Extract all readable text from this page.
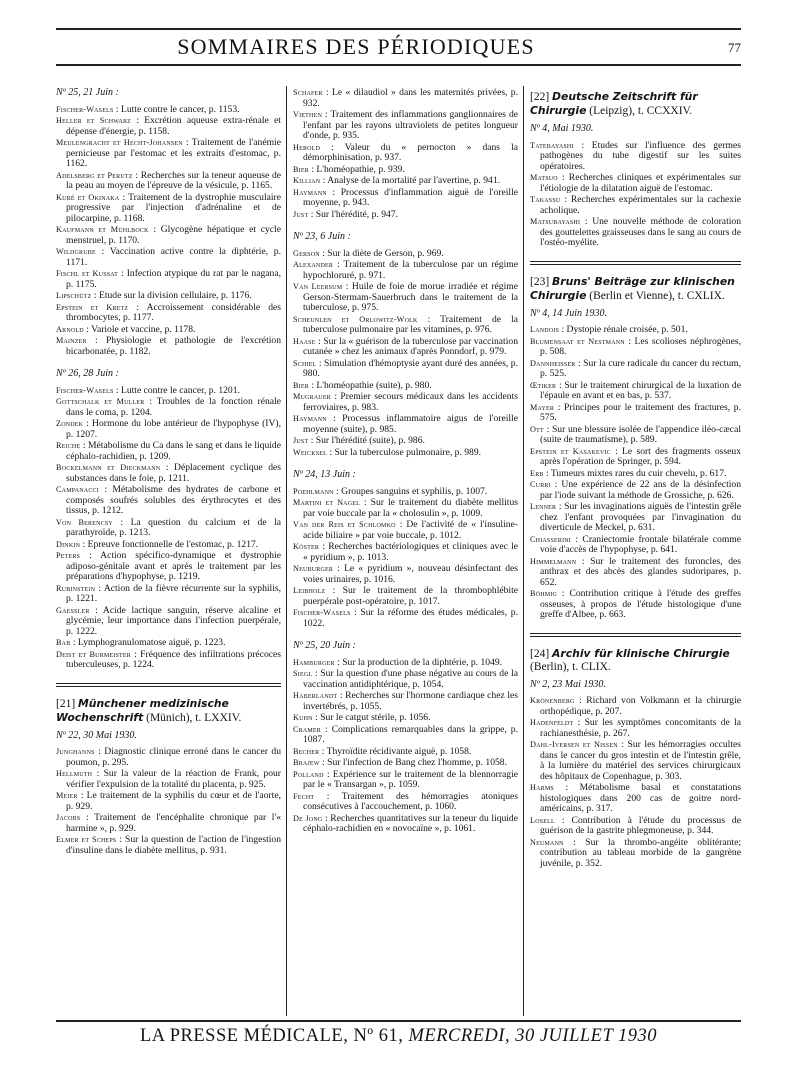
SOMMAIRES DES PÉRIODIQUES	77
Nº 25, 21 Juin :
Fischer-Wasels : Lutte contre le cancer, p. 1153.
Heller et Schwarz : Excrétion aqueuse extra-rénale et dépense d'énergie, p. 1158.
Meulengracht et Hecht-Johansen : Traitement de l'anémie pernicieuse par l'estomac et les extraits d'estomac, p. 1162.
Adelsberg et Perutz : Recherches sur la teneur aqueuse de la peau au moyen de l'épreuve de la vésicule, p. 1165.
Kuré et Okinaka : Traitement de la dystrophie musculaire progressive par l'injection d'adrénaline et de pilocarpine, p. 1168.
Kaufmann et Mühlbock : Glycogène hépatique et cycle menstruel, p. 1170.
Wildgrube : Vaccination active contre la diphtérie, p. 1171.
Fischl et Kussat : Infection atypique du rat par le nagana, p. 1175.
Lipschütz : Etude sur la division cellulaire, p. 1176.
Epstein et Kretz : Accroissement considérable des thrombocytes, p. 1177.
Arnold : Variole et vaccine, p. 1178.
Mainzer : Physiologie et pathologie de l'excrétion bicarbonatée, p. 1182.
Nº 26, 28 Juin :
Fischer-Wasels : Lutte contre le cancer, p. 1201.
Gottschalk et Muller : Troubles de la fonction rénale dans le coma, p. 1204.
Zondek : Hormone du lobe antérieur de l'hypophyse (IV), p. 1207.
Reiche : Métabolisme du Ca dans le sang et dans le liquide céphalo-rachidien, p. 1209.
Bockelmann et Dieckmann : Déplacement cyclique des substances dans le foie, p. 1211.
Campanacci : Métabolisme des hydrates de carbone et composés soufrés solubles des érythrocytes et des tissus, p. 1212.
Von Berencsy : La question du calcium et de la parathyroïde, p. 1213.
Dinkin : Epreuve fonctionnelle de l'estomac, p. 1217.
Peters : Action spécifico-dynamique et dystrophie adiposo-génitale avant et après le traitement par les préparations d'hypophyse, p. 1219.
Rubinstein : Action de la fièvre récurrente sur la syphilis, p. 1221.
Gaessler : Acide lactique sanguin, réserve alcaline et glycémie, leur importance dans l'infection puerpérale, p. 1222.
Bab : Lymphogranulomatose aiguë, p. 1223.
Deist et Burmeister : Fréquence des infiltrations précoces tuberculeuses, p. 1224.
[21] Münchener medizinische Wochenschrift (Münich), t. LXXIV.
Nº 22, 30 Mai 1930.
Junghanns : Diagnostic clinique erroné dans le cancer du poumon, p. 295.
Hellmuth : Sur la valeur de la réaction de Frank, pour vérifier l'expulsion de la totalité du placenta, p. 925.
Meier : Le traitement de la syphilis du cœur et de l'aorte, p. 929.
Jacobs : Traitement de l'encéphalite chronique par l'« harmine », p. 929.
Elmer et Scheps : Sur la question de l'action de l'ingestion d'insuline dans le diabète mellitus, p. 931.
Schafer : Le « dilaudiol » dans les maternités privées, p. 932.
Viethen : Traitement des inflammations ganglionnaires de l'enfant par les rayons ultraviolets de petites longueur d'onde, p. 935.
Herold : Valeur du « pernocton » dans la démorphinisation, p. 937.
Bier : L'homéopathie, p. 939.
Killian : Analyse de la mortalité par l'avertine, p. 941.
Haymann : Processus d'inflammation aiguë de l'oreille moyenne, p. 943.
Just : Sur l'hérédité, p. 947.
Nº 23, 6 Juin :
Gerson : Sur la diète de Gerson, p. 969.
Alexander : Traitement de la tuberculose par un régime hypochloruré, p. 971.
Van Leersum : Huile de foie de morue irradiée et régime Gerson-Stermam-Sauerbruch dans le traitement de la tuberculose, p. 975.
Scheunlen et Orlowitz-Wolk : Traitement de la tuberculose pulmonaire par les vitamines, p. 976.
Haase : Sur la « guérison de la tuberculose par vaccination cutanée » chez les animaux d'après Ponndorf, p. 979.
Schiel : Simulation d'hémoptysie ayant duré des années, p. 980.
Bier : L'homéopathie (suite), p. 980.
Mugrauer : Premier secours médicaux dans les accidents ferroviaires, p. 983.
Haymann : Processus inflammatoire aigus de l'oreille moyenne (suite), p. 985.
Just : Sur l'hérédité (suite), p. 986.
Weicksel : Sur la tuberculose pulmonaire, p. 989.
Nº 24, 13 Juin :
Poehlmann : Groupes sanguins et syphilis, p. 1007.
Martini et Nagel : Sur le traitement du diabète mellitus par voie buccale par la « cholosulin », p. 1009.
Van der Reis et Schlomko : De l'activité de « l'insuline-acide biliaire » par voie buccale, p. 1012.
Köster : Recherches bactériologiques et cliniques avec le « pyridium », p. 1013.
Neuburger : Le « pyridium », nouveau désinfectant des voies urinaires, p. 1016.
Leibholz : Sur le traitement de la thrombophlébite puerpérale post-opératoire, p. 1017.
Fischer-Wasels : Sur la réforme des études médicales, p. 1022.
Nº 25, 20 Juin :
Hamburger : Sur la production de la diphtérie, p. 1049.
Siegl : Sur la question d'une phase négative au cours de la vaccination antidiphtérique, p. 1054.
Haberlandt : Recherches sur l'hormone cardiaque chez les invertébrés, p. 1055.
Kuhn : Sur le catgut stérile, p. 1056.
Cramer : Complications remarquables dans la grippe, p. 1087.
Becher : Thyroïdite récidivante aiguë, p. 1058.
Brajew : Sur l'infection de Bang chez l'homme, p. 1058.
Polland : Expérience sur le traitement de la blennorragie par le « Transargan », p. 1059.
Fecht : Traitement des hémorragies atoniques consécutives à l'accouchement, p. 1060.
De Jong : Recherches quantitatives sur la teneur du liquide céphalo-rachidien en « novocaïne », p. 1061.
[22] Deutsche Zeitschrift für Chirurgie (Leipzig), t. CCXXIV.
Nº 4, Mai 1930.
Tatebayashi : Etudes sur l'influence des germes pathogènes du tube digestif sur les suites opératoires.
Matsuo : Recherches cliniques et expérimentales sur l'étiologie de la dilatation aiguë de l'estomac.
Takassu : Recherches expérimentales sur la cachexie acholique.
Matsubayashi : Une nouvelle méthode de coloration des gouttelettes graisseuses dans le sang au cours de l'ostéo-myélite.
[23] Bruns' Beiträge zur klinischen Chirurgie (Berlin et Vienne), t. CXLIX.
Nº 4, 14 Juin 1930.
Landois : Dystopie rénale croisée, p. 501.
Blumensaat et Nestmann : Les scolioses néphrogènes, p. 508.
Dannheisser : Sur la cure radicale du cancer du rectum, p. 525.
Œtiker : Sur le traitement chirurgical de la luxation de l'épaule en avant et en bas, p. 537.
Mayer : Principes pour le traitement des fractures, p. 575.
Ott : Sur une blessure isolée de l'appendice iléo-cæcal (suite de traumatisme), p. 589.
Epstein et Kasakevic : Le sort des fragments osseux après l'opération de Springer, p. 594.
Erb : Tumeurs mixtes rares du cuir chevelu, p. 617.
Curri : Une expérience de 22 ans de la désinfection par l'iode suivant la méthode de Grossiche, p. 626.
Lenner : Sur les invaginations aiguës de l'intestin grêle chez l'enfant provoquées par l'invagination du diverticule de Meckel, p. 631.
Chiasserini : Craniectomie frontale bilatérale comme voie d'accès de l'hypophyse, p. 641.
Himmelmann : Sur le traitement des furoncles, des anthrax et des abcès des glandes sudoripares, p. 652.
Böhmig : Contribution critique à l'étude des greffes osseuses, à propos de l'étude histologique d'une greffe d'Albee, p. 663.
[24] Archiv für klinische Chirurgie (Berlin), t. CLIX.
Nº 2, 23 Mai 1930.
Krönenberg : Richard von Volkmann et la chirurgie orthopédique, p. 207.
Hadenfeldt : Sur les symptômes concomitants de la rachianesthésie, p. 267.
Dahl-Iversen et Nissen : Sur les hémorragies occultes dans le cancer du gros intestin et de l'intestin grêle, à la lumière du matériel des services chirurgicaux des hôpitaux de Copenhague, p. 303.
Harms : Métabolisme basal et constatations histologiques dans 200 cas de goitre nord-américains, p. 317.
Losell : Contribution à l'étude du processus de guérison de la gastrite phlegmoneuse, p. 344.
Neumann : Sur la thrombo-angéite oblitérante; contribution au tableau morbide de la gangrène juvénile, p. 352.
LA PRESSE MÉDICALE, Nº 61, MERCREDI, 30 JUILLET 1930
